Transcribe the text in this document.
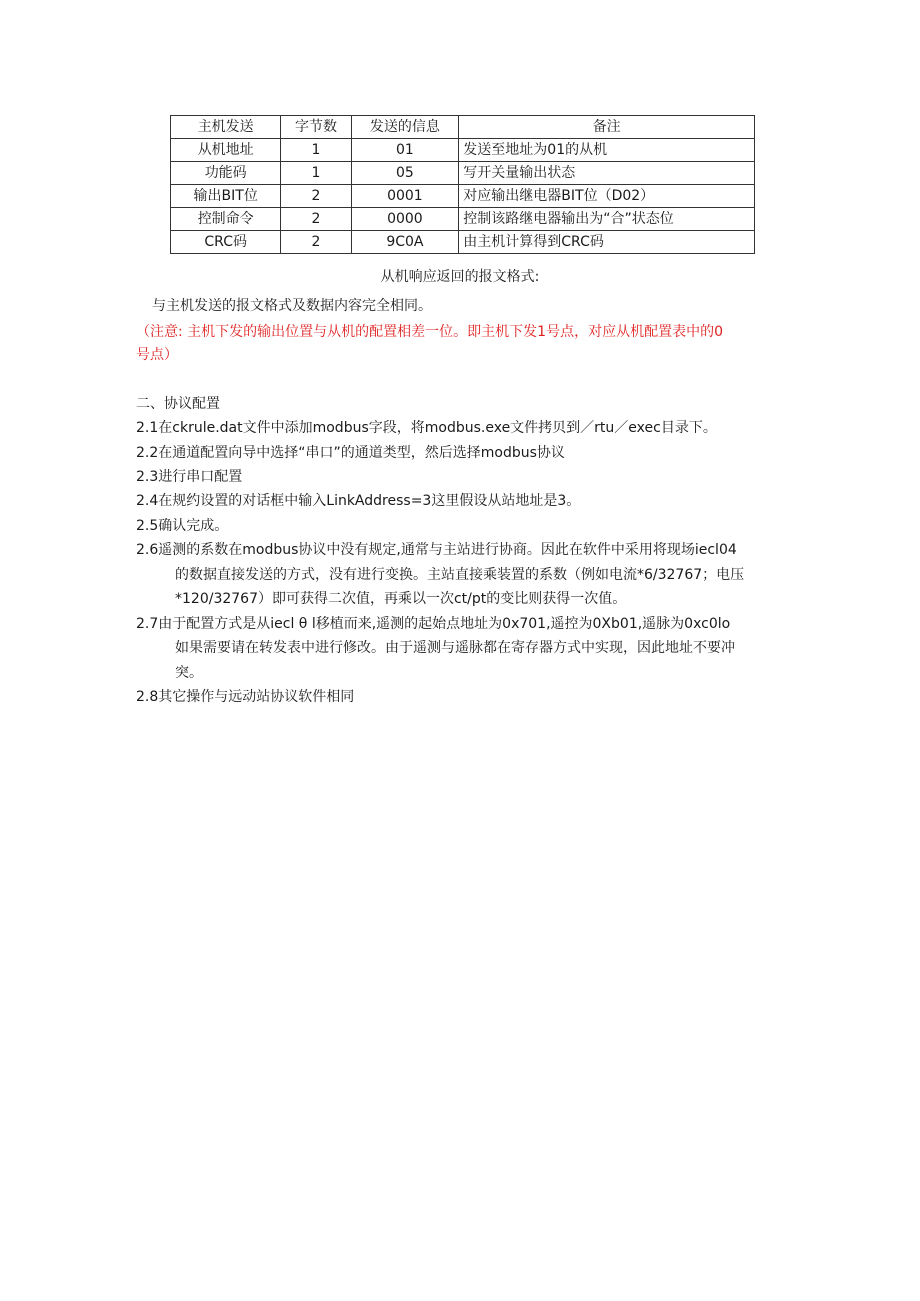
主机发送	字节数	发送的信息	备注
从机地址	1	01	发送至地址为01的从机
功能码	1	05	写开关量输出状态
输出BIT位	2	0001	对应输出继电器BIT位（D02）
控制命令	2	0000	控制该路继电器输出为“合”状态位
CRC码	2	9C0A	由主机计算得到CRC码
从机响应返回的报文格式:
与主机发送的报文格式及数据内容完全相同。
（注意: 主机下发的输出位置与从机的配置相差一位。即主机下发1号点，对应从机配置表中的0
号点）
二、协议配置
2.1在ckrule.dat文件中添加modbus字段，将modbus.exe文件拷贝到／rtu／exec目录下。
2.2在通道配置向导中选择“串口”的通道类型，然后选择modbus协议
2.3进行串口配置
2.4在规约设置的对话框中输入LinkAddress=3这里假设从站地址是3。
2.5确认完成。
2.6遥测的系数在modbus协议中没有规定,通常与主站进行协商。因此在软件中采用将现场iecl04
的数据直接发送的方式，没有进行变换。主站直接乘装置的系数（例如电流*6/32767；电压
*120/32767）即可获得二次值，再乘以一次ct/pt的变比则获得一次值。
2.7由于配置方式是从iecl θ l移植而来,遥测的起始点地址为0x701,遥控为0Xb01,遥脉为0xc0lo
如果需要请在转发表中进行修改。由于遥测与遥脉都在寄存器方式中实现，因此地址不要冲
突。
2.8其它操作与远动站协议软件相同
